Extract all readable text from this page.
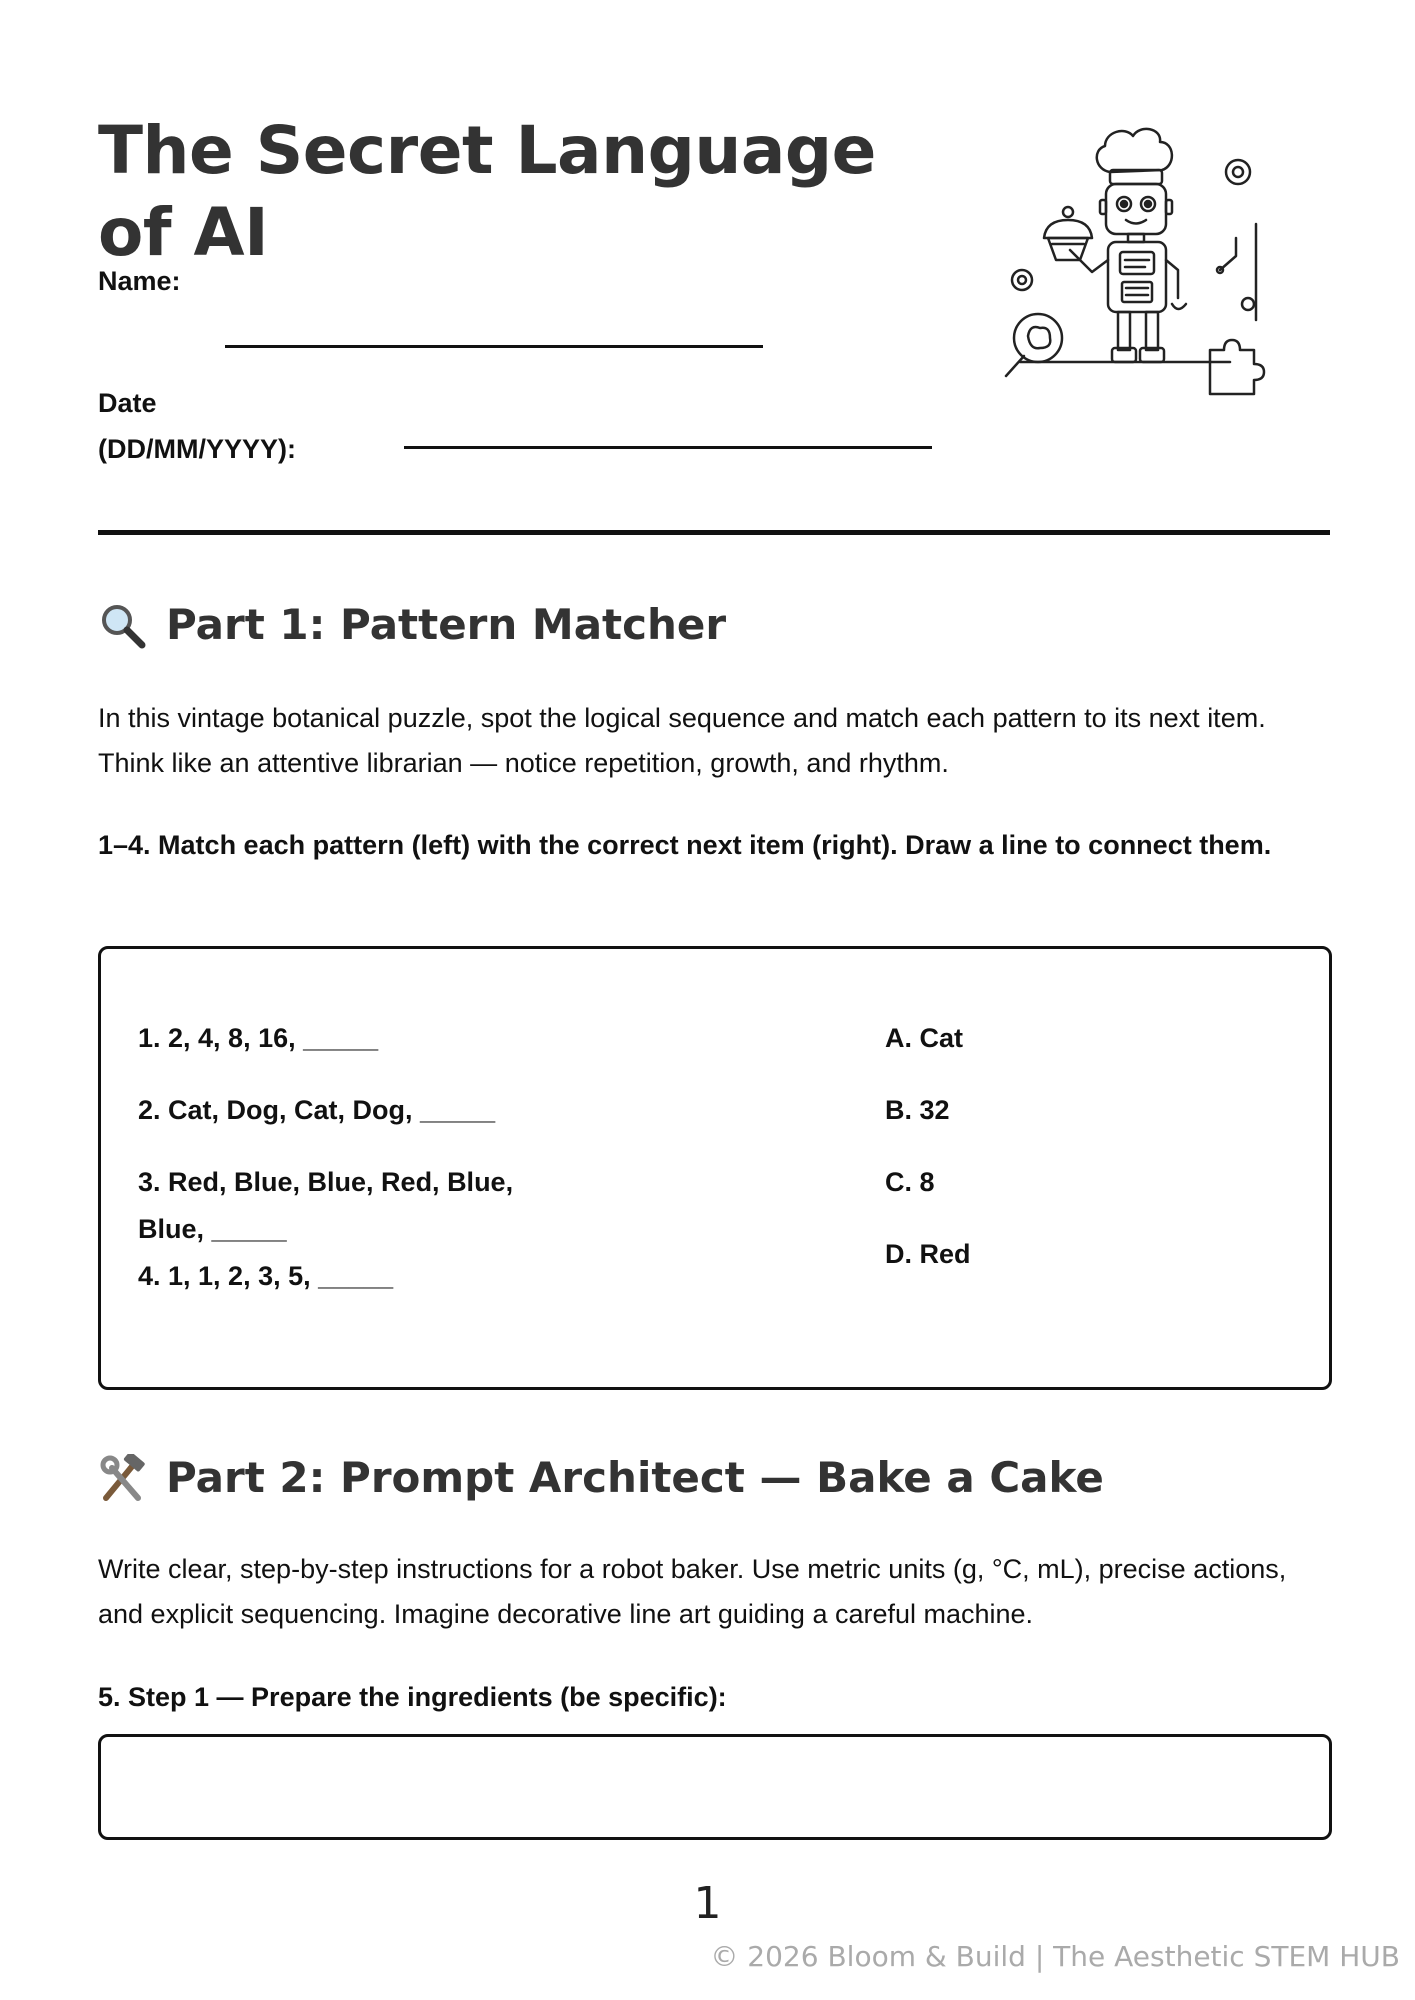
The Secret Language of AI
Name:
Date (DD/MM/YYYY):
Part 1: Pattern Matcher

In this vintage botanical puzzle, spot the logical sequence and match each pattern to its next item. Think like an attentive librarian — notice repetition, growth, and rhythm.

1–4. Match each pattern (left) with the correct next item (right). Draw a line to connect them.

1. 2, 4, 8, 16, _____
2. Cat, Dog, Cat, Dog, _____
3. Red, Blue, Blue, Red, Blue, Blue, _____
4. 1, 1, 2, 3, 5, _____
A. Cat
B. 32
C. 8
D. Red
Part 2: Prompt Architect — Bake a Cake

Write clear, step-by-step instructions for a robot baker. Use metric units (g, °C, mL), precise actions, and explicit sequencing. Imagine decorative line art guiding a careful machine.

5. Step 1 — Prepare the ingredients (be specific):

1
© 2026 Bloom & Build | The Aesthetic STEM HUB
